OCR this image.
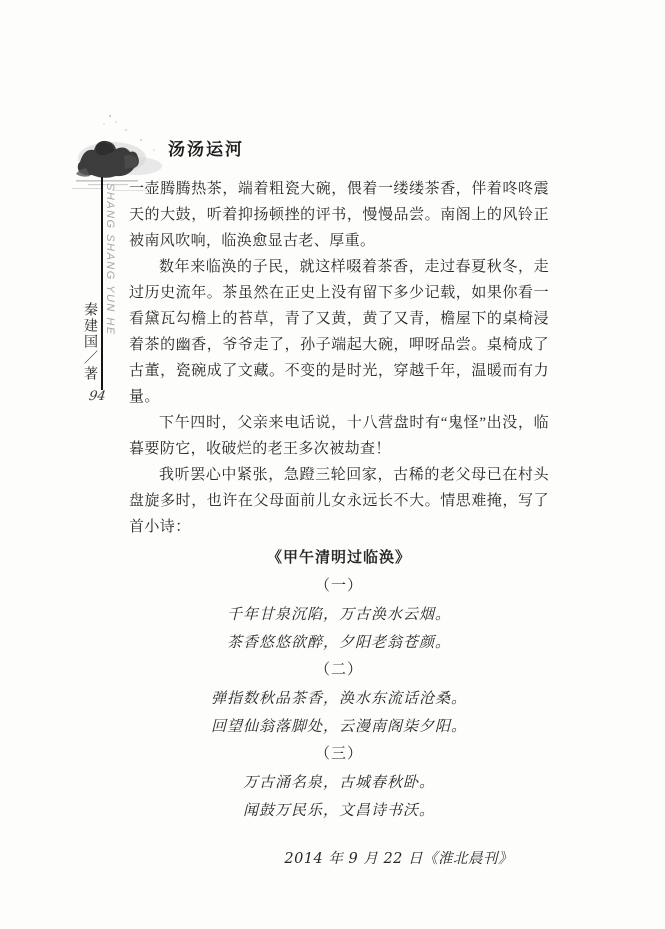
汤汤运河
SHANG SHANG YUN HE
秦建国／著
94

一壶腾腾热茶，端着粗瓷大碗，偎着一缕缕茶香，伴着咚咚震天的大鼓，听着抑扬顿挫的评书，慢慢品尝。南阁上的风铃正被南风吹响，临涣愈显古老、厚重。

数年来临涣的子民，就这样啜着茶香，走过春夏秋冬，走过历史流年。茶虽然在正史上没有留下多少记载，如果你看一看黛瓦勾檐上的苔草，青了又黄，黄了又青，檐屋下的桌椅浸着茶的幽香，爷爷走了，孙子端起大碗，呷呀品尝。桌椅成了古董，瓷碗成了文藏。不变的是时光，穿越千年，温暖而有力量。

下午四时，父亲来电话说，十八营盘时有“鬼怪”出没，临暮要防它，收破烂的老王多次被劫查！

我听罢心中紧张，急蹬三轮回家，古稀的老父母已在村头盘旋多时，也许在父母面前儿女永远长不大。情思难掩，写了首小诗：

《甲午清明过临涣》
（一）
千年甘泉沉陷，万古涣水云烟。
茶香悠悠欲醉，夕阳老翁苍颜。
（二）
弹指数秋品茶香，涣水东流话沧桑。
回望仙翁落脚处，云漫南阁柒夕阳。
（三）
万古涌名泉，古城春秋卧。
闻鼓万民乐，文昌诗书沃。
2014 年 9 月 22 日《淮北晨刊》
